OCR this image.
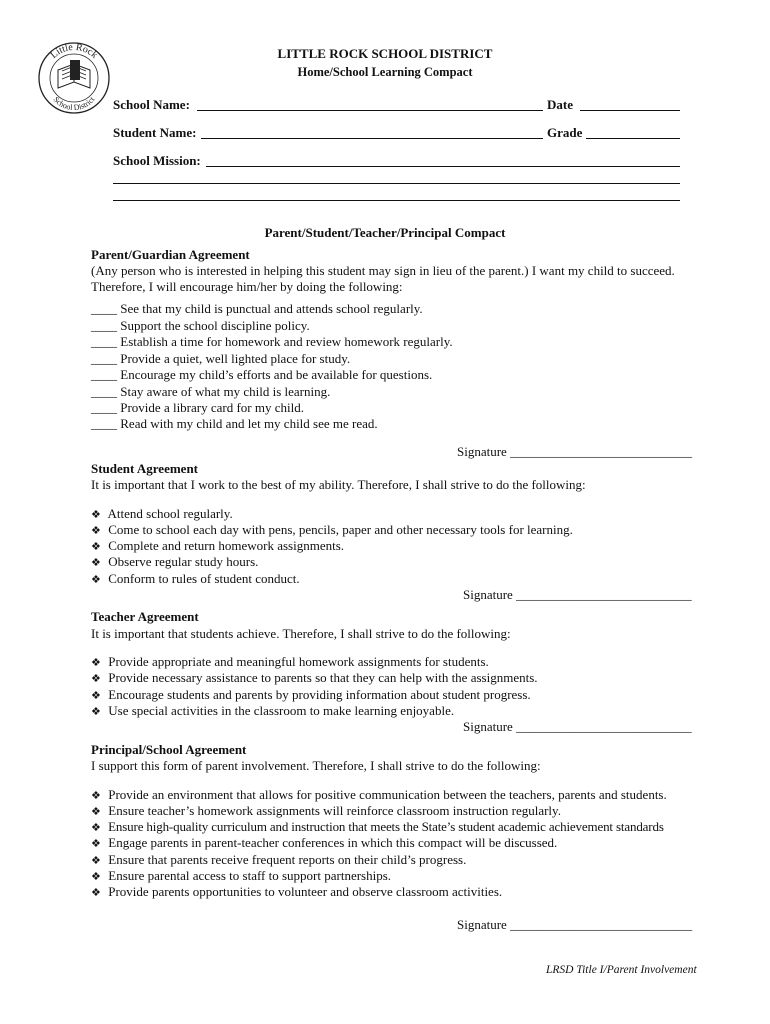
Little Rock
School District
LITTLE ROCK SCHOOL DISTRICT
Home/School Learning Compact
School Name:	Date
Student Name:	Grade
School Mission:
Parent/Student/Teacher/Principal Compact
Parent/Guardian Agreement
(Any person who is interested in helping this student may sign in lieu of the parent.) I want my child to succeed.
Therefore, I will encourage him/her by doing the following:
____ See that my child is punctual and attends school regularly.
____ Support the school discipline policy.
____ Establish a time for homework and review homework regularly.
____ Provide a quiet, well lighted place for study.
____ Encourage my child’s efforts and be available for questions.
____ Stay aware of what my child is learning.
____ Provide a library card for my child.
____ Read with my child and let my child see me read.
Signature ____________________________
Student Agreement
It is important that I work to the best of my ability. Therefore, I shall strive to do the following:
❖ Attend school regularly.
❖ Come to school each day with pens, pencils, paper and other necessary tools for learning.
❖ Complete and return homework assignments.
❖ Observe regular study hours.
❖ Conform to rules of student conduct.
Signature ___________________________
Teacher Agreement
It is important that students achieve. Therefore, I shall strive to do the following:
❖ Provide appropriate and meaningful homework assignments for students.
❖ Provide necessary assistance to parents so that they can help with the assignments.
❖ Encourage students and parents by providing information about student progress.
❖ Use special activities in the classroom to make learning enjoyable.
Signature ___________________________
Principal/School Agreement
I support this form of parent involvement. Therefore, I shall strive to do the following:
❖ Provide an environment that allows for positive communication between the teachers, parents and students.
❖ Ensure teacher’s homework assignments will reinforce classroom instruction regularly.
❖ Ensure high-quality curriculum and instruction that meets the State’s student academic achievement standards
❖ Engage parents in parent-teacher conferences in which this compact will be discussed.
❖ Ensure that parents receive frequent reports on their child’s progress.
❖ Ensure parental access to staff to support partnerships.
❖ Provide parents opportunities to volunteer and observe classroom activities.
Signature ____________________________
LRSD Title I/Parent Involvement
